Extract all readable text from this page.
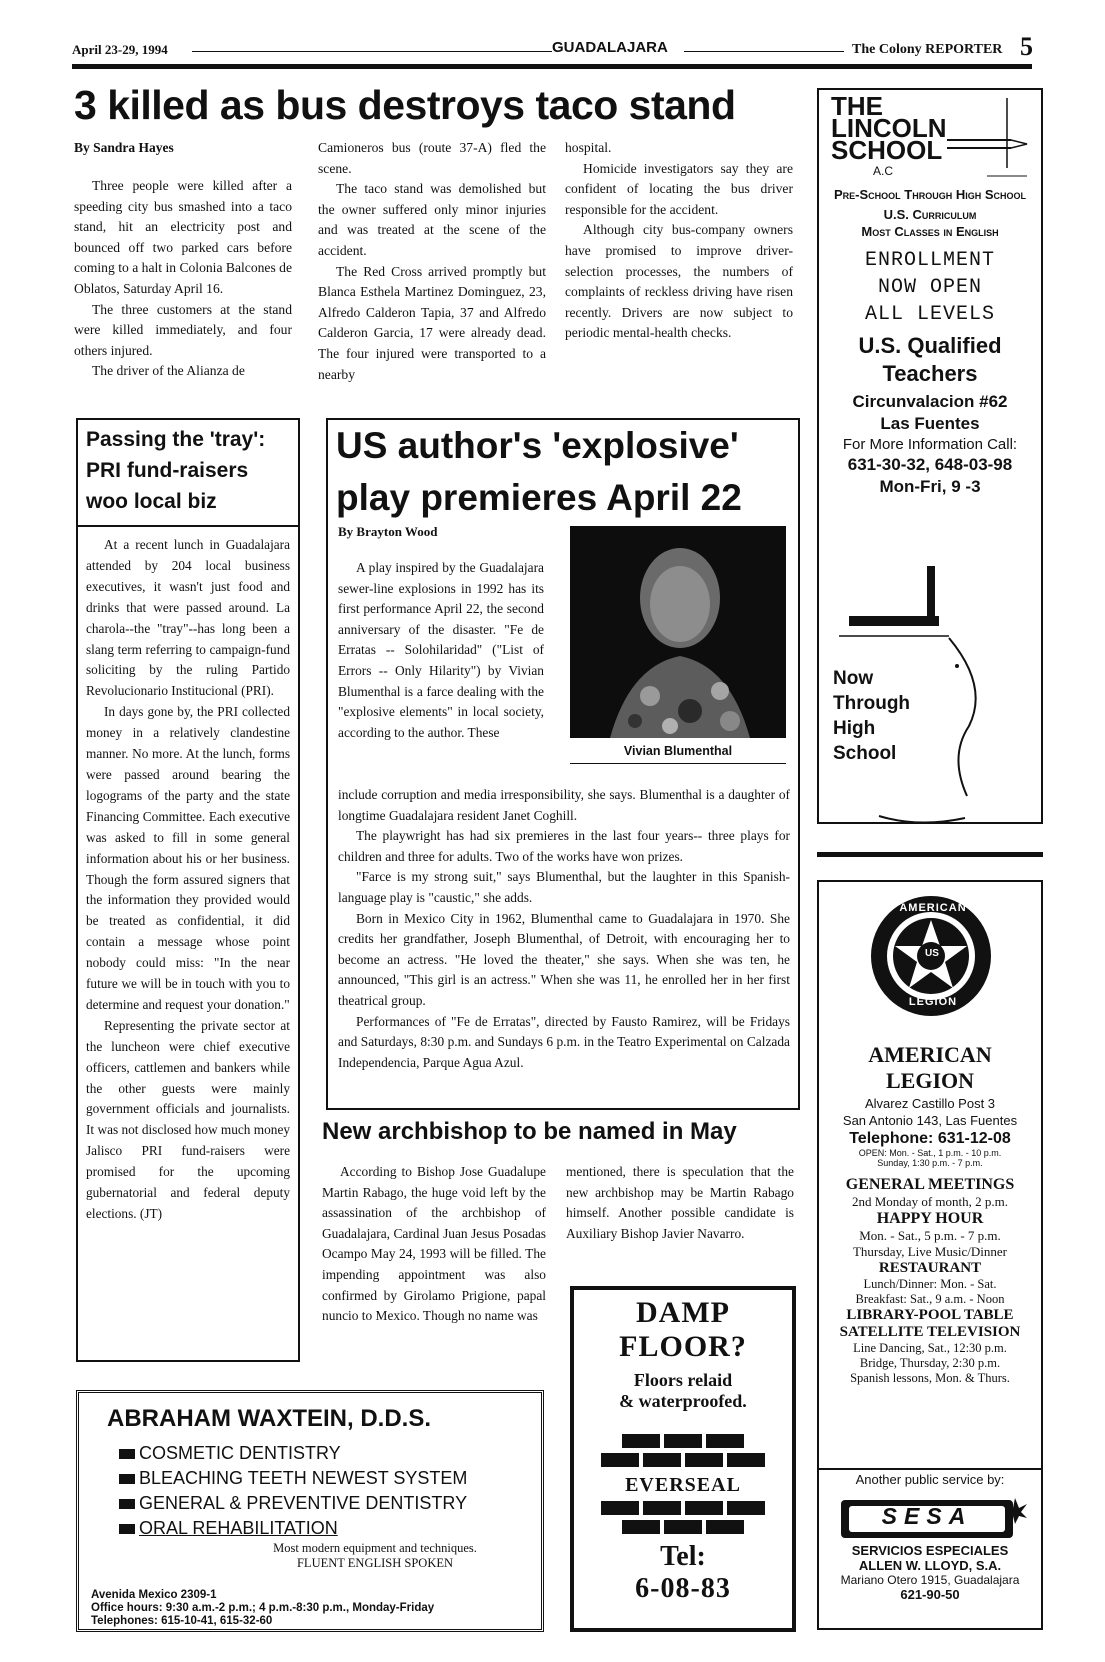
April 23-29, 1994	GUADALAJARA	The Colony REPORTER 5
3 killed as bus destroys taco stand
By Sandra Hayes

Three people were killed after a speeding city bus smashed into a taco stand, hit an electricity post and bounced off two parked cars before coming to a halt in Colonia Balcones de Oblatos, Saturday April 16.

The three customers at the stand were killed immediately, and four others injured.

The driver of the Alianza de

Camioneros bus (route 37-A) fled the scene.

The taco stand was demolished but the owner suffered only minor injuries and was treated at the scene of the accident.

The Red Cross arrived promptly but Blanca Esthela Martinez Dominguez, 23, Alfredo Calderon Tapia, 37 and Alfredo Calderon Garcia, 17 were already dead. The four injured were transported to a nearby

hospital.

Homicide investigators say they are confident of locating the bus driver responsible for the accident.

Although city bus-company owners have promised to improve driver-selection processes, the numbers of complaints of reckless driving have risen recently. Drivers are now subject to periodic mental-health checks.

Passing the 'tray': PRI fund-raisers woo local biz

At a recent lunch in Guadalajara attended by 204 local business executives, it wasn't just food and drinks that were passed around. La charola--the "tray"--has long been a slang term referring to campaign-fund soliciting by the ruling Partido Revolucionario Institucional (PRI).

In days gone by, the PRI collected money in a relatively clandestine manner. No more. At the lunch, forms were passed around bearing the logograms of the party and the state Financing Committee. Each executive was asked to fill in some general information about his or her business. Though the form assured signers that the information they provided would be treated as confidential, it did contain a message whose point nobody could miss: "In the near future we will be in touch with you to determine and request your donation."

Representing the private sector at the luncheon were chief executive officers, cattlemen and bankers while the other guests were mainly government officials and journalists. It was not disclosed how much money Jalisco PRI fund-raisers were promised for the upcoming gubernatorial and federal deputy elections. (JT)

US author's 'explosive' play premieres April 22
By Brayton Wood

A play inspired by the Guadalajara sewer-line explosions in 1992 has its first performance April 22, the second anniversary of the disaster. "Fe de Erratas -- Solohilaridad" ("List of Errors -- Only Hilarity") by Vivian Blumenthal is a farce dealing with the "explosive elements" in local society, according to the author. These

Vivian Blumenthal

include corruption and media irresponsibility, she says. Blumenthal is a daughter of longtime Guadalajara resident Janet Coghill.

The playwright has had six premieres in the last four years-- three plays for children and three for adults. Two of the works have won prizes.

"Farce is my strong suit," says Blumenthal, but the laughter in this Spanish-language play is "caustic," she adds.

Born in Mexico City in 1962, Blumenthal came to Guadalajara in 1970. She credits her grandfather, Joseph Blumenthal, of Detroit, with encouraging her to become an actress. "He loved the theater," she says. When she was ten, he announced, "This girl is an actress." When she was 11, he enrolled her in her first theatrical group.

Performances of "Fe de Erratas", directed by Fausto Ramirez, will be Fridays and Saturdays, 8:30 p.m. and Sundays 6 p.m. in the Teatro Experimental on Calzada Independencia, Parque Agua Azul.

New archbishop to be named in May

According to Bishop Jose Guadalupe Martin Rabago, the huge void left by the assassination of the archbishop of Guadalajara, Cardinal Juan Jesus Posadas Ocampo May 24, 1993 will be filled. The impending appointment was also confirmed by Girolamo Prigione, papal nuncio to Mexico. Though no name was

mentioned, there is speculation that the new archbishop may be Martin Rabago himself. Another possible candidate is Auxiliary Bishop Javier Navarro.

THE
LINCOLN
SCHOOL
A.C
Pre-School Through High School
U.S. Curriculum
Most Classes in English
ENROLLMENT
NOW OPEN
ALL LEVELS
U.S. Qualified Teachers
Circunvalacion #62
Las Fuentes
For More Information Call:
631-30-32, 648-03-98
Mon-Fri, 9 -3
Now
Through
High
School
AMERICAN
US
LEGION
AMERICAN
LEGION
Alvarez Castillo Post 3
San Antonio 143, Las Fuentes
Telephone: 631-12-08
OPEN: Mon. - Sat., 1 p.m. - 10 p.m.
Sunday, 1:30 p.m. - 7 p.m.
GENERAL MEETINGS
2nd Monday of month, 2 p.m.
HAPPY HOUR
Mon. - Sat., 5 p.m. - 7 p.m.
Thursday, Live Music/Dinner
RESTAURANT
Lunch/Dinner: Mon. - Sat.
Breakfast: Sat., 9 a.m. - Noon
LIBRARY-POOL TABLE
SATELLITE TELEVISION
Line Dancing, Sat., 12:30 p.m.
Bridge, Thursday, 2:30 p.m.
Spanish lessons, Mon. & Thurs.
Another public service by:
SESA
SERVICIOS ESPECIALES
ALLEN W. LLOYD, S.A.
Mariano Otero 1915, Guadalajara
621-90-50
ABRAHAM WAXTEIN, D.D.S.
COSMETIC DENTISTRY
BLEACHING TEETH NEWEST SYSTEM
GENERAL & PREVENTIVE DENTISTRY
ORAL REHABILITATION
Most modern equipment and techniques.
FLUENT ENGLISH SPOKEN
Avenida Mexico 2309-1
Office hours: 9:30 a.m.-2 p.m.; 4 p.m.-8:30 p.m., Monday-Friday
Telephones: 615-10-41, 615-32-60
DAMP
FLOOR?
Floors relaid
& waterproofed.
EVERSEAL
Tel:
6-08-83
